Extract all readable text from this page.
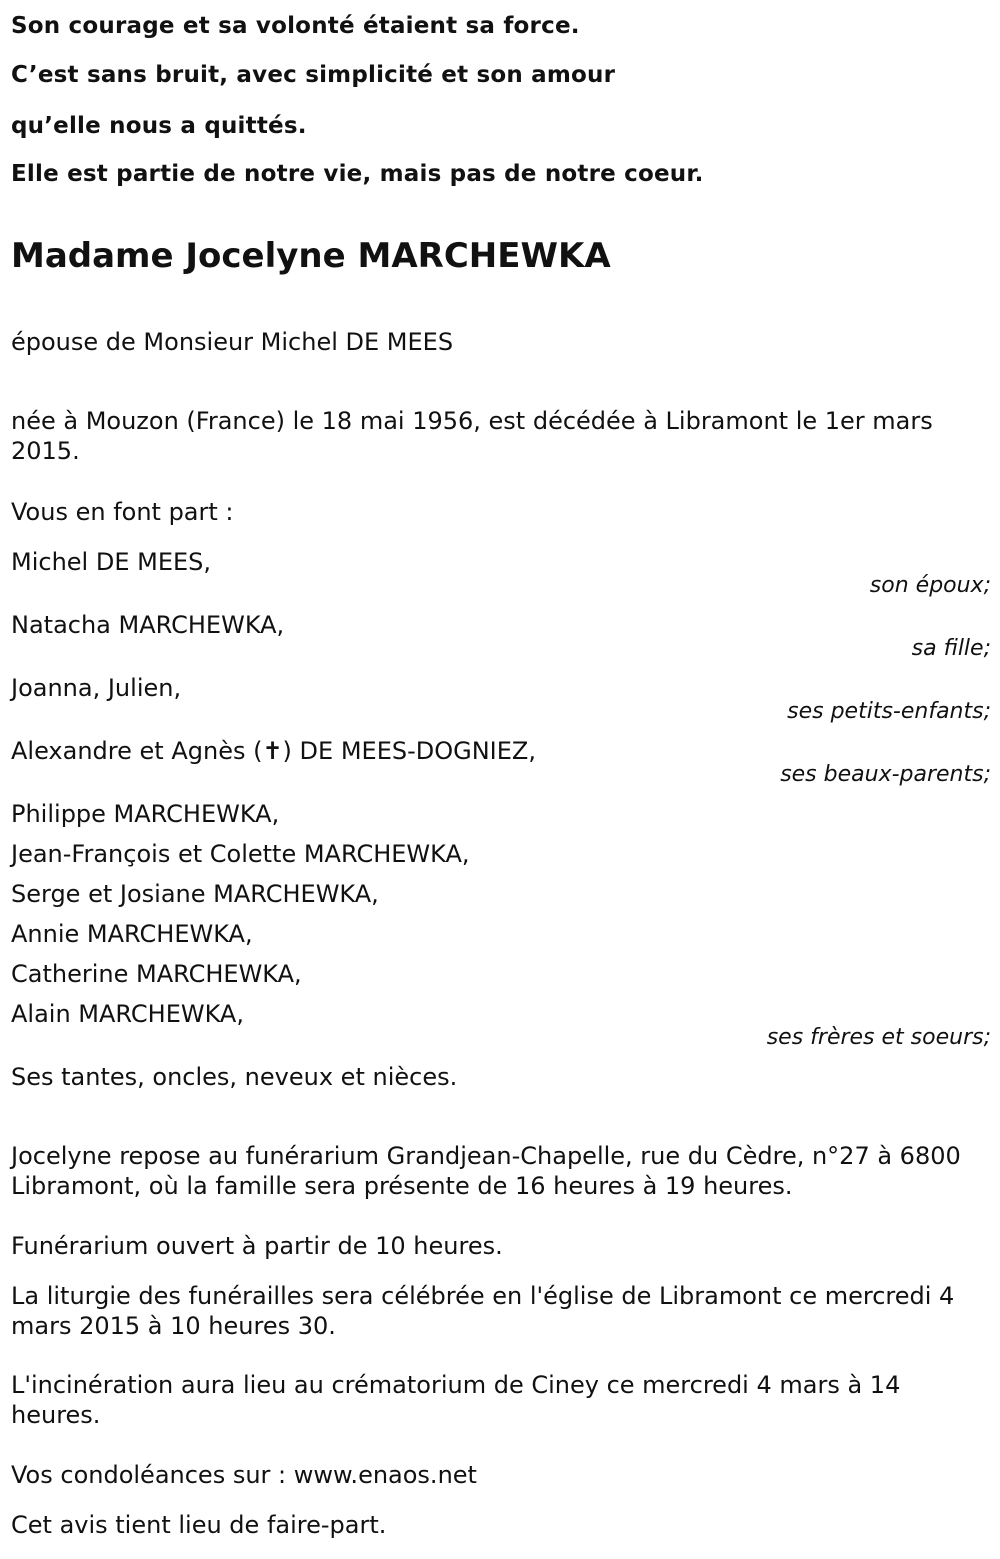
Son courage et sa volonté étaient sa force.
C’est sans bruit, avec simplicité et son amour
qu’elle nous a quittés.
Elle est partie de notre vie, mais pas de notre coeur.
Madame Jocelyne MARCHEWKA
épouse de Monsieur Michel DE MEES
née à Mouzon (France) le 18 mai 1956, est décédée à Libramont le 1er mars 2015.
Vous en font part :
Michel DE MEES,
son époux;
Natacha MARCHEWKA,
sa fille;
Joanna, Julien,
ses petits-enfants;
Alexandre et Agnès (✝) DE MEES-DOGNIEZ,
ses beaux-parents;
Philippe MARCHEWKA,
Jean-François et Colette MARCHEWKA,
Serge et Josiane MARCHEWKA,
Annie MARCHEWKA,
Catherine MARCHEWKA,
Alain MARCHEWKA,
ses frères et soeurs;
Ses tantes, oncles, neveux et nièces.
Jocelyne repose au funérarium Grandjean-Chapelle, rue du Cèdre, n°27 à 6800 Libramont, où la famille sera présente de 16 heures à 19 heures.
Funérarium ouvert à partir de 10 heures.
La liturgie des funérailles sera célébrée en l'église de Libramont ce mercredi 4 mars 2015 à 10 heures 30.
L'incinération aura lieu au crématorium de Ciney ce mercredi 4 mars à 14 heures.
Vos condoléances sur : www.enaos.net
Cet avis tient lieu de faire-part.
